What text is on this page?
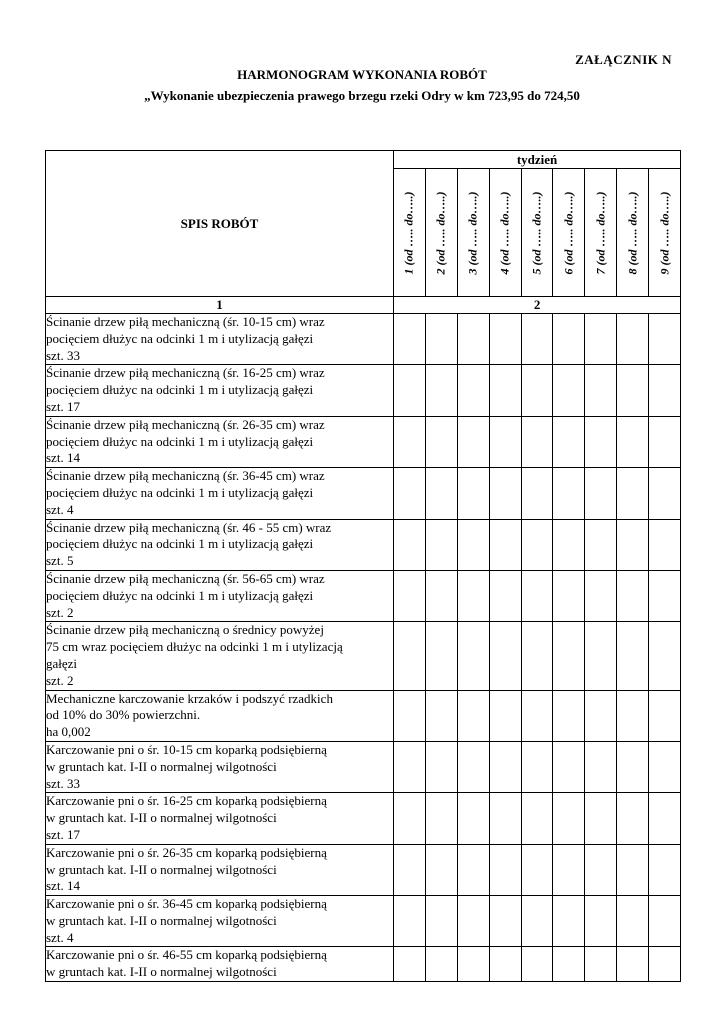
ZAŁĄCZNIK N
HARMONOGRAM WYKONANIA ROBÓT
„Wykonanie ubezpieczenia prawego brzegu rzeki Odry w km 723,95 do 724,50
SPIS ROBÓT	tydzień								

	1 (od ….. do…..)	2 (od ….. do…..)	3 (od ….. do…..)	4 (od ….. do…..)	5 (od ….. do…..)	6 (od ….. do…..)	7 (od ….. do…..)	8 (od ….. do…..)	9 (od ….. do…..)

1	2								

Ścinanie drzew piłą mechaniczną (śr. 10-15 cm) wraz
pocięciem dłużyc na odcinki 1 m i utylizacją gałęzi
szt. 33									

Ścinanie drzew piłą mechaniczną (śr. 16-25 cm) wraz
pocięciem dłużyc na odcinki 1 m i utylizacją gałęzi
szt. 17									

Ścinanie drzew piłą mechaniczną (śr. 26-35 cm) wraz
pocięciem dłużyc na odcinki 1 m i utylizacją gałęzi
szt. 14									

Ścinanie drzew piłą mechaniczną (śr. 36-45 cm) wraz
pocięciem dłużyc na odcinki 1 m i utylizacją gałęzi
szt. 4									

Ścinanie drzew piłą mechaniczną (śr. 46 - 55 cm) wraz
pocięciem dłużyc na odcinki 1 m i utylizacją gałęzi
szt. 5									

Ścinanie drzew piłą mechaniczną (śr. 56-65 cm) wraz
pocięciem dłużyc na odcinki 1 m i utylizacją gałęzi
szt. 2									

Ścinanie drzew piłą mechaniczną o średnicy powyżej
75 cm wraz pocięciem dłużyc na odcinki 1 m i utylizacją
gałęzi
szt. 2									

Mechaniczne karczowanie krzaków i podszyć rzadkich
od 10% do 30% powierzchni.
ha 0,002									

Karczowanie pni o śr. 10-15 cm koparką podsiębierną
w gruntach kat. I-II o normalnej wilgotności
szt. 33									

Karczowanie pni o śr. 16-25 cm koparką podsiębierną
w gruntach kat. I-II o normalnej wilgotności
szt. 17									

Karczowanie pni o śr. 26-35 cm koparką podsiębierną
w gruntach kat. I-II o normalnej wilgotności
szt. 14									

Karczowanie pni o śr. 36-45 cm koparką podsiębierną
w gruntach kat. I-II o normalnej wilgotności
szt. 4									

Karczowanie pni o śr. 46-55 cm koparką podsiębierną
w gruntach kat. I-II o normalnej wilgotności									
